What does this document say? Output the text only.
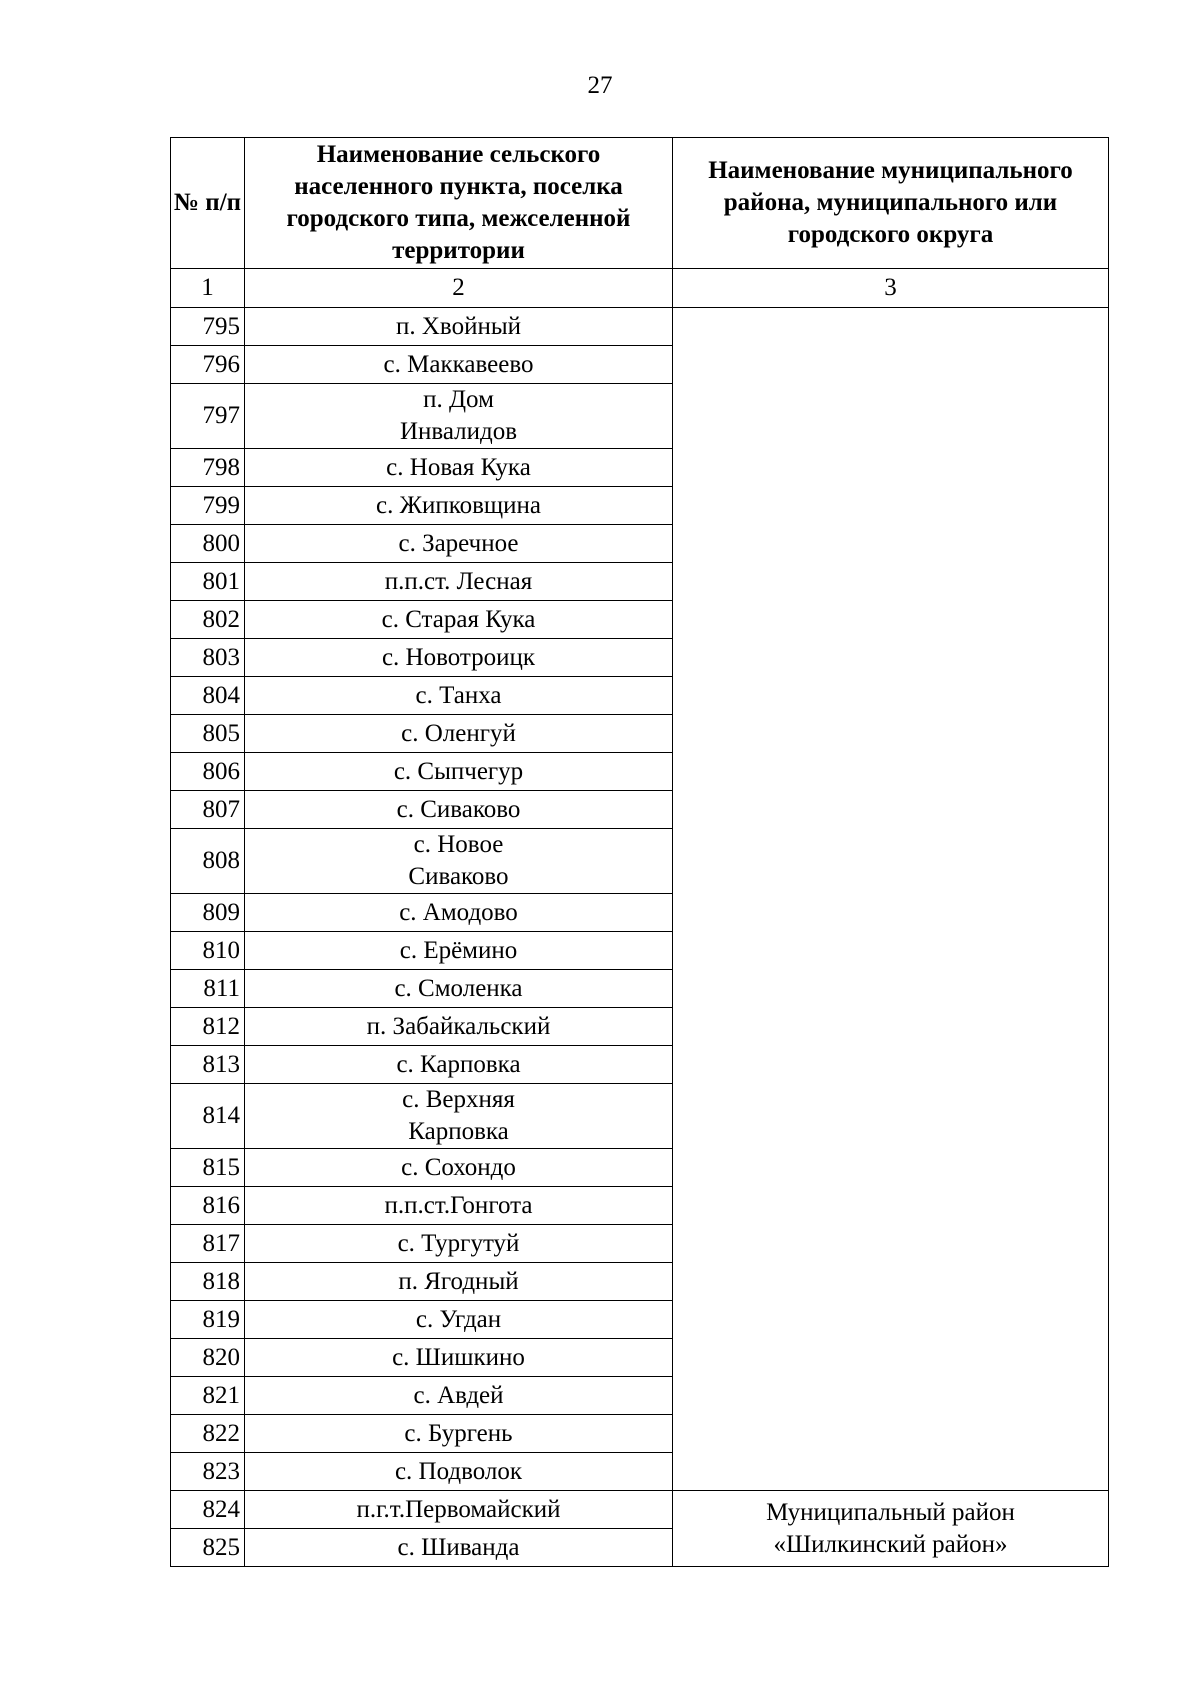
27
№ п/п	Наименование сельского населенного пункта, поселка городского типа, межселенной территории	Наименование муниципального района, муниципального или городского округа
1	2	3
795	п. Хвойный	
796	с. Маккавеево	
797	п. Дом Инвалидов	
798	с. Новая Кука	
799	с. Жипковщина	
800	с. Заречное	
801	п.п.ст. Лесная	
802	с. Старая Кука	
803	с. Новотроицк	
804	с. Танха	
805	с. Оленгуй	
806	с. Сыпчегур	
807	с. Сиваково	
808	с. Новое Сиваково	
809	с. Амодово	
810	с. Ерёмино	
811	с. Смоленка	
812	п. Забайкальский	
813	с. Карповка	
814	с. Верхняя Карповка	
815	с. Сохондо	
816	п.п.ст.Гонгота	
817	с. Тургутуй	
818	п. Ягодный	
819	с. Угдан	
820	с. Шишкино	
821	с. Авдей	
822	с. Бургень	
823	с. Подволок	
824	п.г.т.Первомайский	Муниципальный район «Шилкинский район»
825	с. Шиванда	
